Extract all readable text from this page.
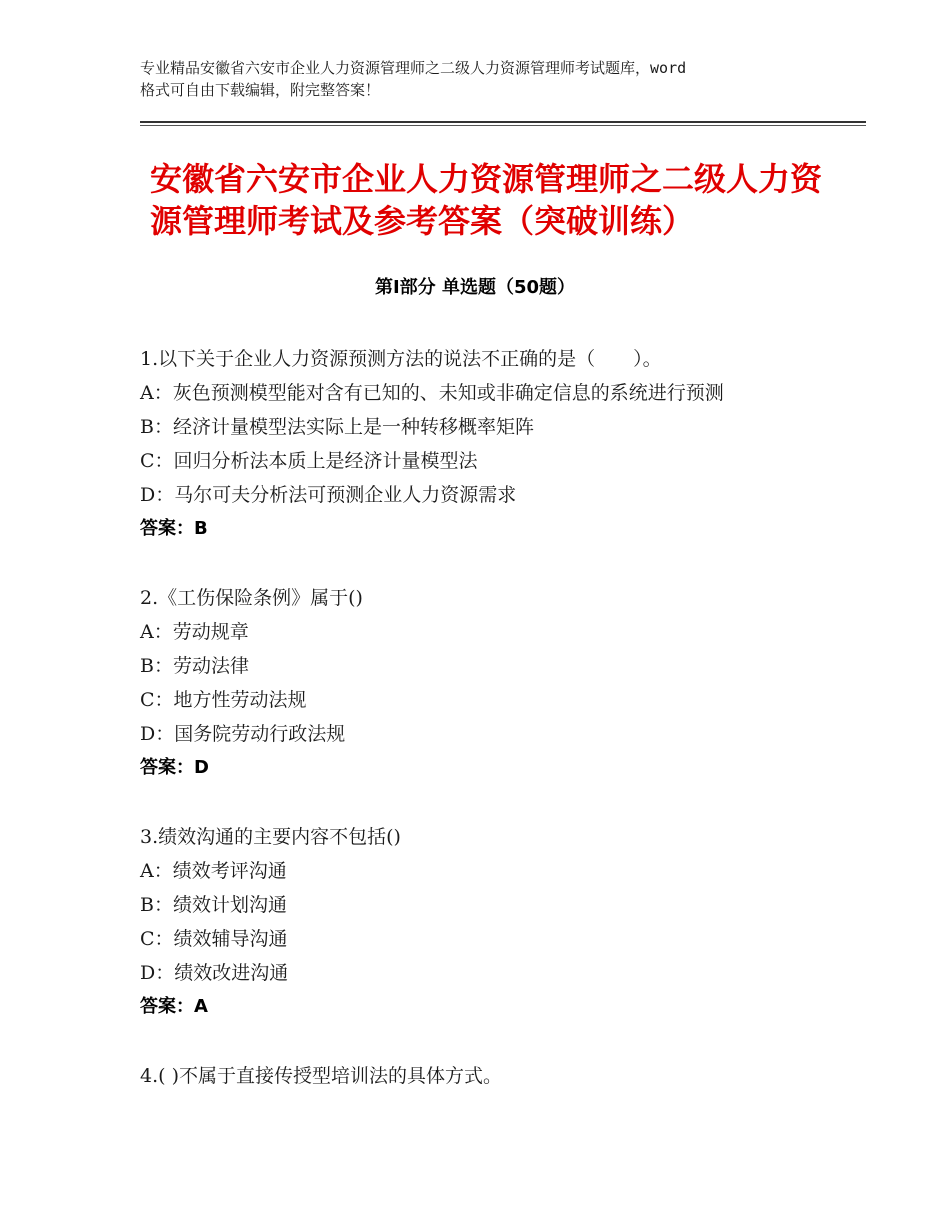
专业精品安徽省六安市企业人力资源管理师之二级人力资源管理师考试题库，word
格式可自由下载编辑，附完整答案！
安徽省六安市企业人力资源管理师之二级人力资源管理师考试及参考答案（突破训练）
第Ⅰ部分 单选题（50题）
1.以下关于企业人力资源预测方法的说法不正确的是（　　）。
A：灰色预测模型能对含有已知的、未知或非确定信息的系统进行预测
B：经济计量模型法实际上是一种转移概率矩阵
C：回归分析法本质上是经济计量模型法
D：马尔可夫分析法可预测企业人力资源需求
答案：B
2.《工伤保险条例》属于()
A：劳动规章
B：劳动法律
C：地方性劳动法规
D：国务院劳动行政法规
答案：D
3.绩效沟通的主要内容不包括()
A：绩效考评沟通
B：绩效计划沟通
C：绩效辅导沟通
D：绩效改进沟通
答案：A
4.( )不属于直接传授型培训法的具体方式。
